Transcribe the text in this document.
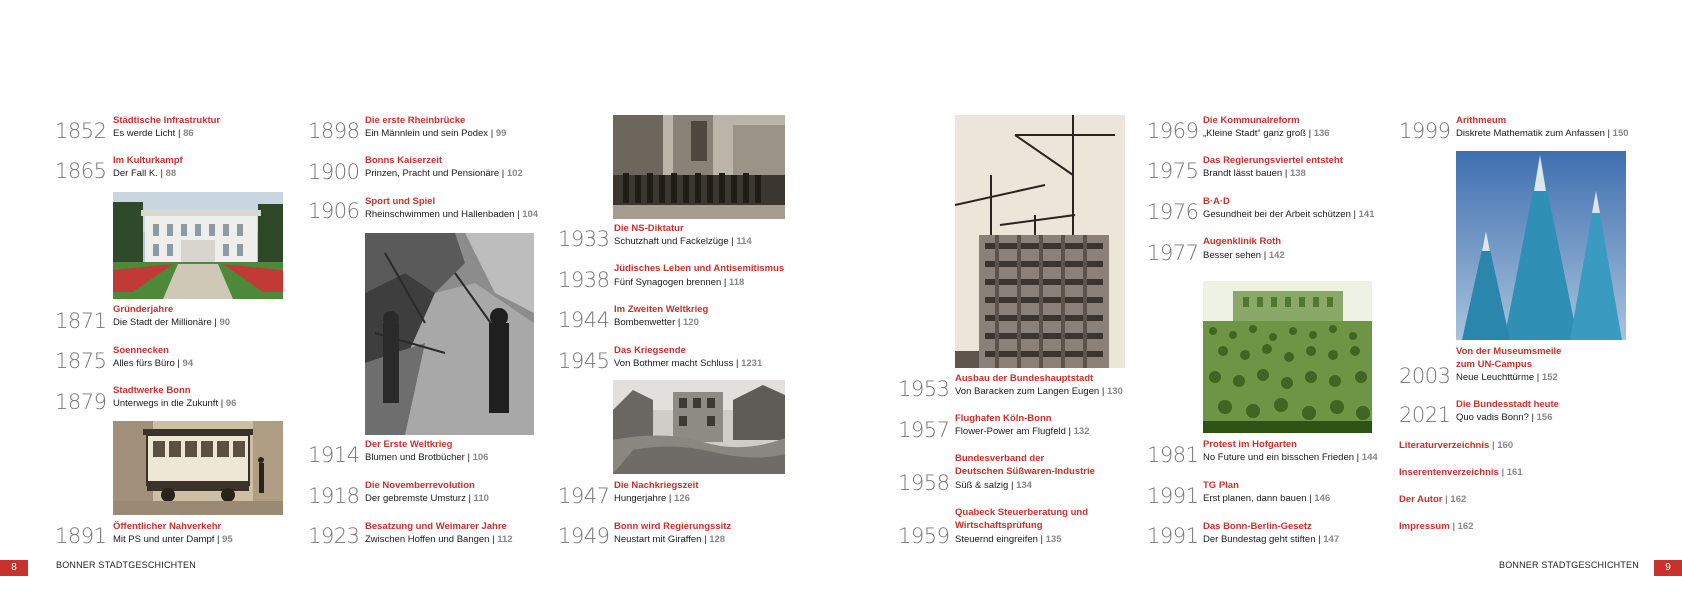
1852 Städtische Infrastruktur
Es werde Licht | 86
1865 Im Kulturkampf
Der Fall K. | 88
1871 Gründerjahre
Die Stadt der Millionäre | 90
1875 Soennecken
Alles fürs Büro | 94
1879 Stadtwerke Bonn
Unterwegs in die Zukunft | 96
1891 Öffentlicher Nahverkehr
Mit PS und unter Dampf | 95
1898 Die erste Rheinbrücke
Ein Männlein und sein Podex | 99
1900 Bonns Kaiserzeit
Prinzen, Pracht und Pensionäre | 102
1906 Sport und Spiel
Rheinschwimmen und Hallenbaden | 104
1914 Der Erste Weltkrieg
Blumen und Brotbücher | 106
1918 Die Novemberrevolution
Der gebremste Umsturz | 110
1923 Besatzung und Weimarer Jahre
Zwischen Hoffen und Bangen | 112
1933 Die NS-Diktatur
Schutzhaft und Fackelzüge | 114
1938 Jüdisches Leben und Antisemitismus
Fünf Synagogen brennen | 118
1944 Im Zweiten Weltkrieg
Bombenwetter | 120
1945 Das Kriegsende
Von Bothmer macht Schluss | 1231
1947 Die Nachkriegszeit
Hungerjahre | 126
1949 Bonn wird Regierungssitz
Neustart mit Giraffen | 128
1953 Ausbau der Bundeshauptstadt
Von Baracken zum Langen Eugen | 130
1957 Flughafen Köln-Bonn
Flower-Power am Flugfeld | 132
1958
Bundesverband der
Deutschen Süßwaren-Industrie
Süß & salzig | 134
1959
Quabeck Steuerberatung und
Wirtschaftsprüfung
Steuernd eingreifen | 135
1969 Die Kommunalreform
„Kleine Stadt“ ganz groß | 136
1975 Das Regierungsviertel entsteht
Brandt lässt bauen | 138
1976 B·A·D
Gesundheit bei der Arbeit schützen | 141
1977 Augenklinik Roth
Besser sehen | 142
1981 Protest im Hofgarten
No Future und ein bisschen Frieden | 144
1991 TG Plan
Erst planen, dann bauen | 146
1991 Das Bonn-Berlin-Gesetz
Der Bundestag geht stiften | 147
1999 Arithmeum
Diskrete Mathematik zum Anfassen | 150
2003
Von der Museumsmeile
zum UN-Campus
Neue Leuchttürme | 152
2021 Die Bundesstadt heute
Quo vadis Bonn? | 156
Literaturverzeichnis | 160
Inserentenverzeichnis | 161
Der Autor | 162
Impressum | 162
8	BONNER STADTGESCHICHTEN	BONNER STADTGESCHICHTEN	9
